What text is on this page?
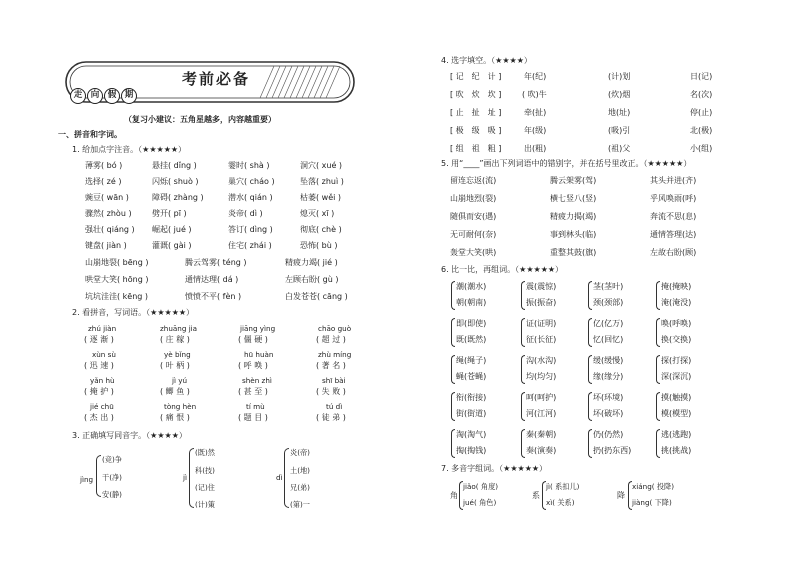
考前必备
走 向 假 期
（复习小建议：五角星越多，内容越重要）
一、拼音和字词。
1. 给加点字注音。（★★★★★）
薄雾( bó )	悬挂( dǐng )	霎时( shà )	洞穴( xué )
选择( zé )	闪烁( shuò )	巢穴( cháo )	坠落( zhuì )
豌豆( wān )	障碍( zhàng )	潜水( qián )	枯萎( wěi )
骤然( zhòu )	劈开( pī )	炎帝( dì )	熄灭( xī )
强壮( qiáng ) 崛起( jué )	答订( dìng )	彻底( chè )
键盘( jiàn )	灌溉( gài )	住宅( zhái )	恐怖( bù )
山崩地裂( bēng )	腾云驾雾( téng )	精疲力竭( jié )
哄堂大笑( hōng )	通情达理( dá )	左顾右盼( gù )
坑坑洼洼( kēng )	愤愤不平( fèn )	白发苍苍( cāng )
2. 看拼音，写词语。（★★★★★）
zhú jiàn	zhuāng jia	jiāng yìng	chāo guò
( 逐 渐 )	( 庄 稼 )	( 僵 硬 )	( 超 过 )
xùn sù	yè bǐng	hū huàn	zhù míng
( 迅 速 )	( 叶 柄 )	( 呼 唤 )	( 著 名 )
yǎn hù	jì yú	shèn zhì	shī bài
( 掩 护 )	( 鲫 鱼 )	( 甚 至 )	( 失 败 )
jié chū	tòng hèn	tí mù	tú dì
( 杰 出 )	( 痛 恨 )	( 题 目 )	( 徒 弟 )
3. 正确填写同音字。（★★★★）
jìng
(竞)争
干(净)
安(静)
jì
(既)然
科(技)
(记)住
(计)策
dì
炎(帝)
土(地)
兄(弟)
(第)一
4. 选字填空。（★★★★）
[ 记　纪　计 ]	年(纪)	(计)划	日(记)
[ 吹　炊　坎 ]	( 吹)牛	(炊)烟	名(次)
[ 止　扯　址 ]	牵(扯)	地(址)	停(止)
[ 极　级　吸 ]	年(级)	(吸)引	北(极)
[ 组　祖　粗 ]	出(粗)	(祖)父	小(组)
5. 用“____”画出下列词语中的错别字，并在括号里改正。（★★★★★）
留连忘返(流)	腾云架雾(驾)	其头并进(齐)
山崩地烈(裂)	横七竖八(竖)	乎风唤雨(呼)
随俱而安(遇)	精疲力揭(竭)	奔流不思(息)
无可耐何(奈)	事到林头(临)	通情答理(达)
轰堂大笑(哄)	重整其鼓(旗)	左故右盼(顾)
6. 比一比，再组词。（★★★★★）
潮(潮水)
朝(朝南)
震(震惊)
振(振奋)
茎(茎叶)
颈(颈部)
掩(掩映)
淹(淹没)
即(即使)
既(既然)
证(证明)
征(长征)
亿(亿万)
忆(回忆)
唤(呼唤)
换(交换)
绳(绳子)
蝇(苍蝇)
沟(水沟)
均(均匀)
缓(缓慢)
缘(缘分)
探(打探)
深(深沉)
衔(衔接)
街(街道)
呵(呵护)
河(江河)
坏(环境)
坏(破坏)
摸(触摸)
模(模型)
淘(淘气)
掏(掏钱)
秦(秦朝)
奏(演奏)
仍(仍然)
扔(扔东西)
逃(逃跑)
挑(挑战)
7. 多音字组词。（★★★★★）
角
jiǎo( 角度)
jué( 角色)
系
jì( 系扣儿)
xì( 关系)
降
xiáng( 投降)
jiàng( 下降)
